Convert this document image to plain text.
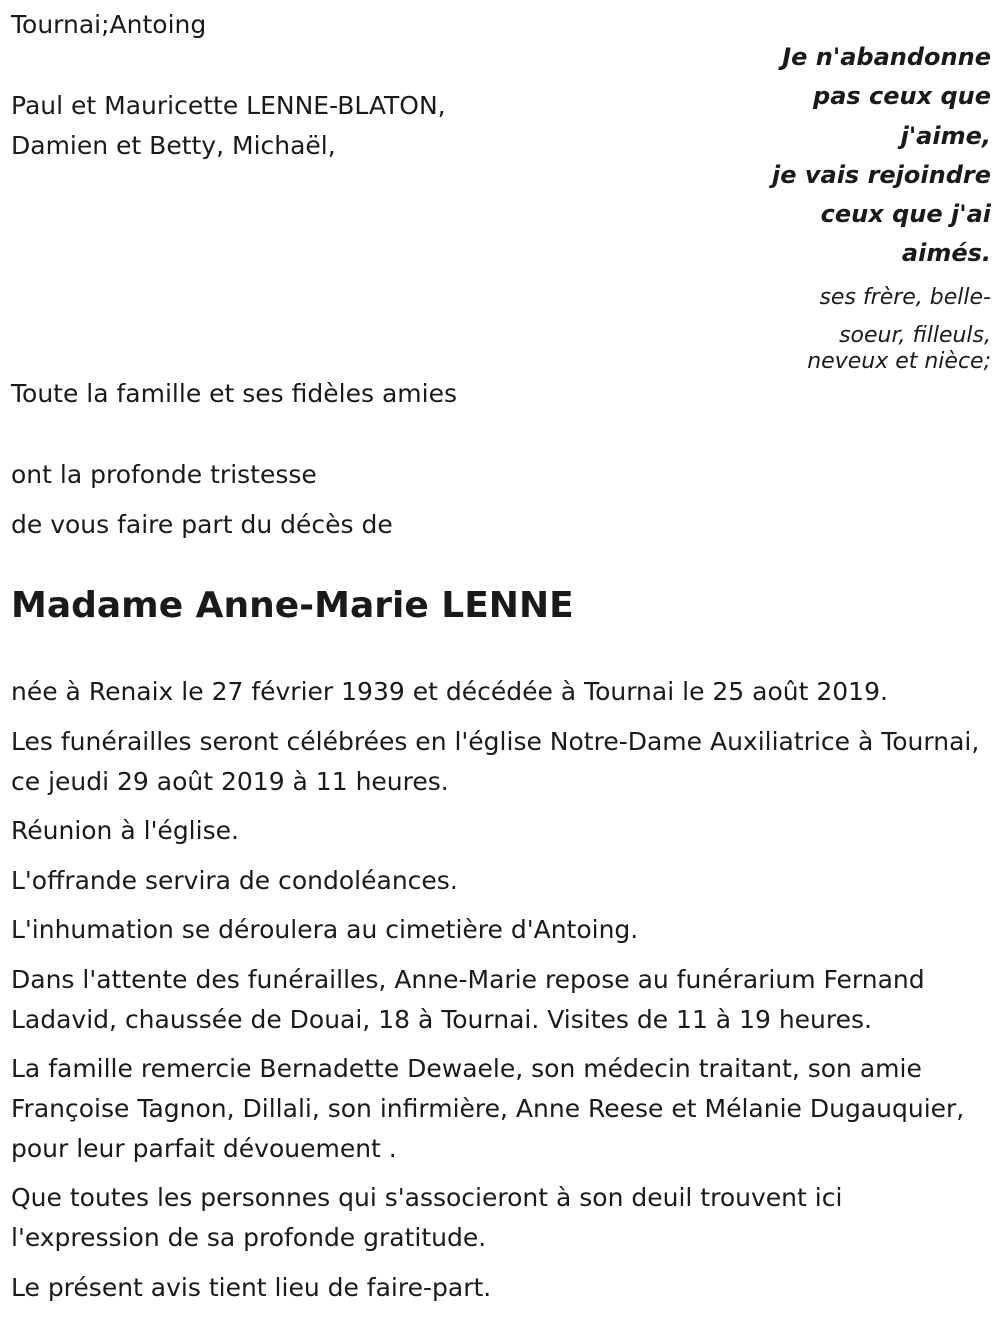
Tournai;Antoing

Paul et Mauricette LENNE-BLATON,

Damien et Betty, Michaël,

Je n'abandonne
pas ceux que
j'aime,
je vais rejoindre
ceux que j'ai
aimés.
ses frère, belle-
soeur, filleuls,
neveux et nièce;

Toute la famille et ses fidèles amies

ont la profonde tristesse

de vous faire part du décès de

Madame Anne-Marie LENNE

née à Renaix le 27 février 1939 et décédée à Tournai le 25 août 2019.

Les funérailles seront célébrées en l'église Notre-Dame Auxiliatrice à Tournai, ce jeudi 29 août 2019 à 11 heures.

Réunion à l'église.

L'offrande servira de condoléances.

L'inhumation se déroulera au cimetière d'Antoing.

Dans l'attente des funérailles, Anne-Marie repose au funérarium Fernand Ladavid, chaussée de Douai, 18 à Tournai. Visites de 11 à 19 heures.

La famille remercie Bernadette Dewaele, son médecin traitant, son amie Françoise Tagnon, Dillali, son infirmière, Anne Reese et Mélanie Dugauquier, pour leur parfait dévouement .

Que toutes les personnes qui s'associeront à son deuil trouvent ici l'expression de sa profonde gratitude.

Le présent avis tient lieu de faire-part.
